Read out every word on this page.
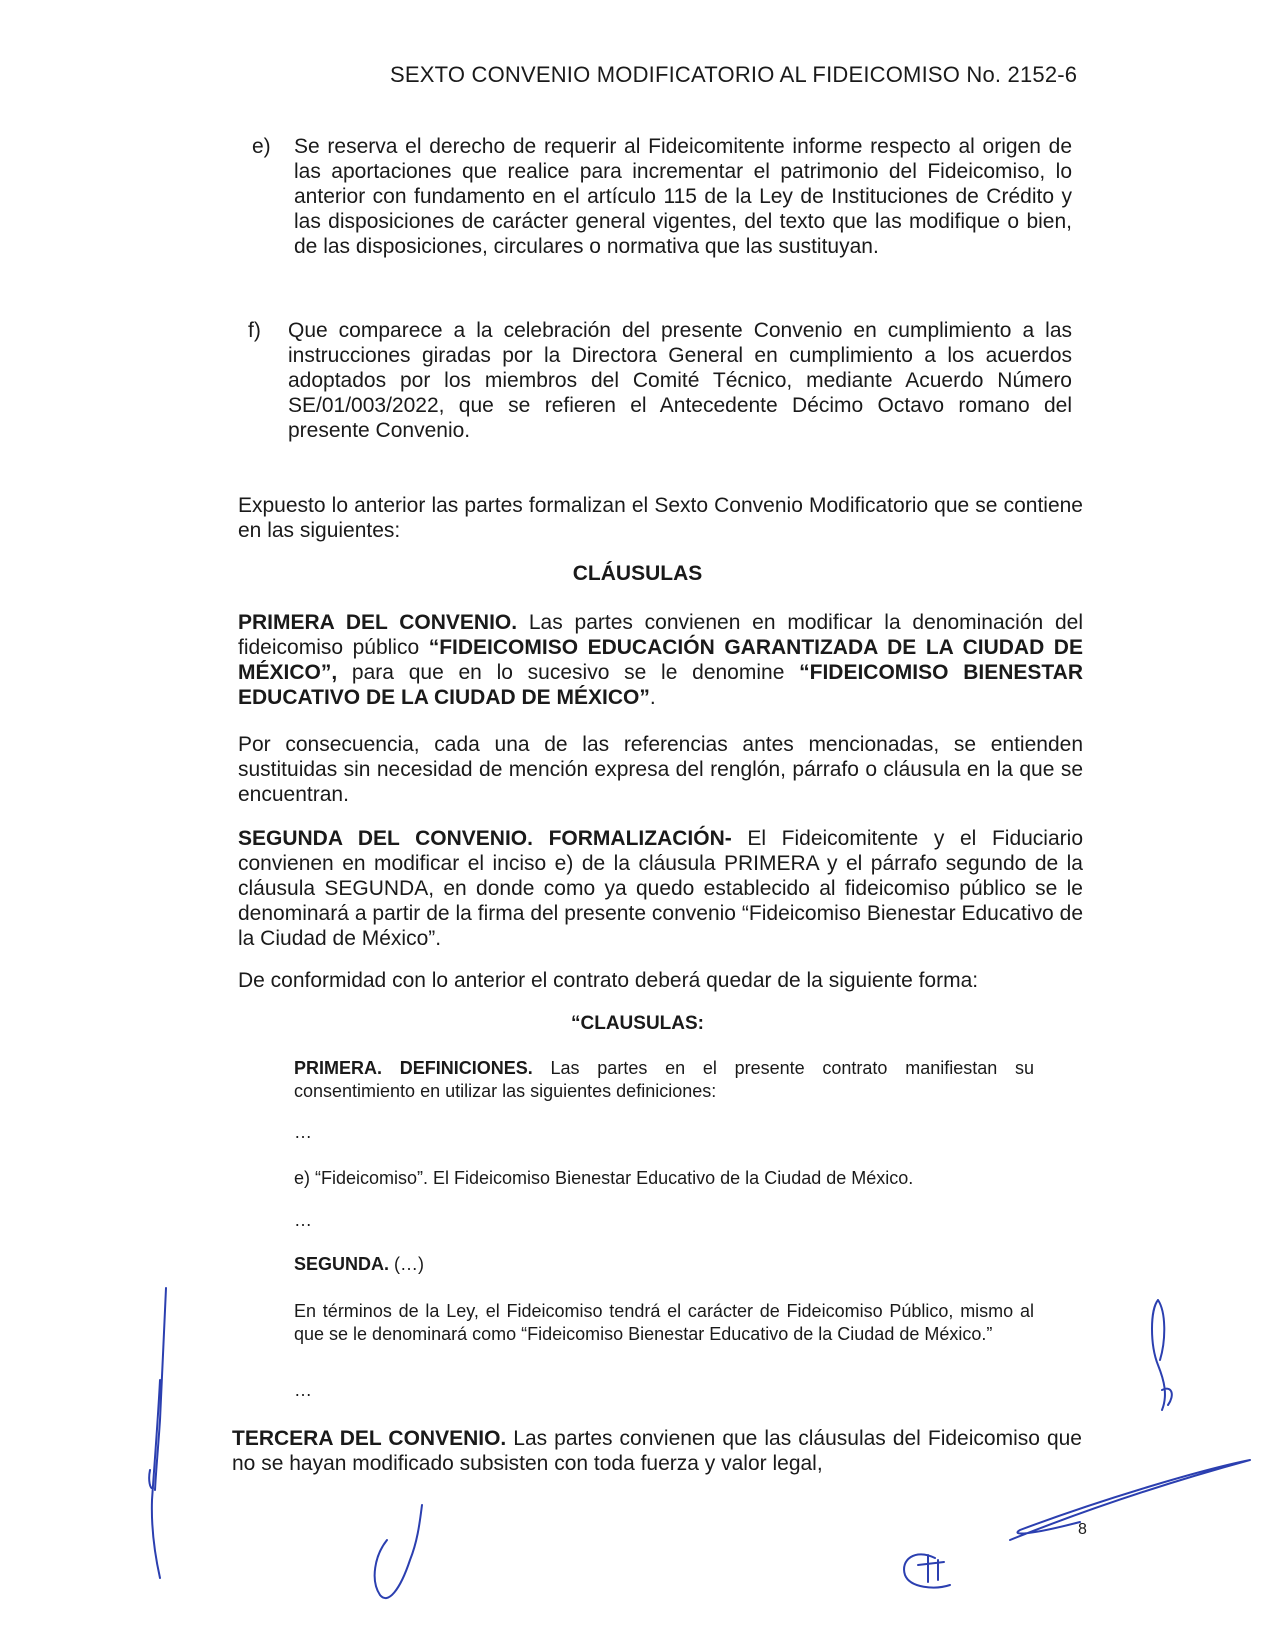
SEXTO CONVENIO MODIFICATORIO AL FIDEICOMISO No. 2152-6
e) Se reserva el derecho de requerir al Fideicomitente informe respecto al origen de las aportaciones que realice para incrementar el patrimonio del Fideicomiso, lo anterior con fundamento en el artículo 115 de la Ley de Instituciones de Crédito y las disposiciones de carácter general vigentes, del texto que las modifique o bien, de las disposiciones, circulares o normativa que las sustituyan.
f) Que comparece a la celebración del presente Convenio en cumplimiento a las instrucciones giradas por la Directora General en cumplimiento a los acuerdos adoptados por los miembros del Comité Técnico, mediante Acuerdo Número SE/01/003/2022, que se refieren el Antecedente Décimo Octavo romano del presente Convenio.
Expuesto lo anterior las partes formalizan el Sexto Convenio Modificatorio que se contiene en las siguientes:
CLÁUSULAS
PRIMERA DEL CONVENIO. Las partes convienen en modificar la denominación del fideicomiso público “FIDEICOMISO EDUCACIÓN GARANTIZADA DE LA CIUDAD DE MÉXICO”, para que en lo sucesivo se le denomine “FIDEICOMISO BIENESTAR EDUCATIVO DE LA CIUDAD DE MÉXICO”.
Por consecuencia, cada una de las referencias antes mencionadas, se entienden sustituidas sin necesidad de mención expresa del renglón, párrafo o cláusula en la que se encuentran.
SEGUNDA DEL CONVENIO. FORMALIZACIÓN- El Fideicomitente y el Fiduciario convienen en modificar el inciso e) de la cláusula PRIMERA y el párrafo segundo de la cláusula SEGUNDA, en donde como ya quedo establecido al fideicomiso público se le denominará a partir de la firma del presente convenio “Fideicomiso Bienestar Educativo de la Ciudad de México”.
De conformidad con lo anterior el contrato deberá quedar de la siguiente forma:
“CLAUSULAS:
PRIMERA. DEFINICIONES. Las partes en el presente contrato manifiestan su consentimiento en utilizar las siguientes definiciones:
…
e) “Fideicomiso”. El Fideicomiso Bienestar Educativo de la Ciudad de México.
…
SEGUNDA. (…)
En términos de la Ley, el Fideicomiso tendrá el carácter de Fideicomiso Público, mismo al que se le denominará como “Fideicomiso Bienestar Educativo de la Ciudad de México.”
…
TERCERA DEL CONVENIO. Las partes convienen que las cláusulas del Fideicomiso que no se hayan modificado subsisten con toda fuerza y valor legal,
8
